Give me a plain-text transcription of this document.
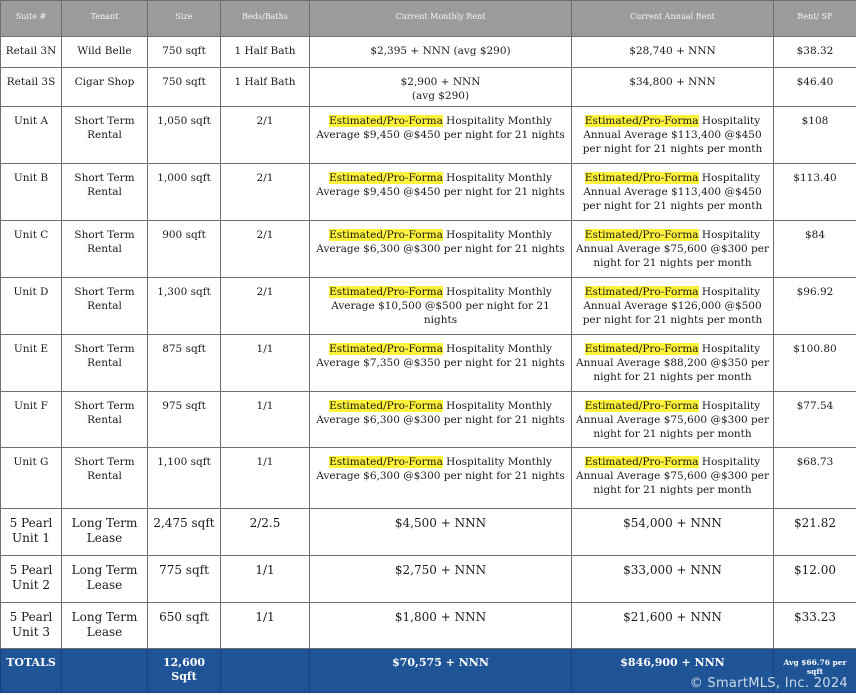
Suite #	Tenant	Size	Beds/Baths	Current Monthly Rent	Current Annual Rent	Rent/ SF
Retail 3N	Wild Belle	750 sqft	1 Half Bath	$2,395 + NNN (avg $290)	$28,740 + NNN	$38.32
Retail 3S	Cigar Shop	750 sqft	1 Half Bath	$2,900 + NNN (avg $290)	$34,800 + NNN	$46.40
Unit A	Short Term Rental	1,050 sqft	2/1	Estimated/Pro-Forma Hospitality Monthly Average $9,450 @$450 per night for 21 nights	Estimated/Pro-Forma Hospitality Annual Average $113,400 @$450 per night for 21 nights per month	$108
Unit B	Short Term Rental	1,000 sqft	2/1	Estimated/Pro-Forma Hospitality Monthly Average $9,450 @$450 per night for 21 nights	Estimated/Pro-Forma Hospitality Annual Average $113,400 @$450 per night for 21 nights per month	$113.40
Unit C	Short Term Rental	900 sqft	2/1	Estimated/Pro-Forma Hospitality Monthly Average $6,300 @$300 per night for 21 nights	Estimated/Pro-Forma Hospitality Annual Average $75,600 @$300 per night for 21 nights per month	$84
Unit D	Short Term Rental	1,300 sqft	2/1	Estimated/Pro-Forma Hospitality Monthly Average $10,500 @$500 per night for 21 nights	Estimated/Pro-Forma Hospitality Annual Average $126,000 @$500 per night for 21 nights per month	$96.92
Unit E	Short Term Rental	875 sqft	1/1	Estimated/Pro-Forma Hospitality Monthly Average $7,350 @$350 per night for 21 nights	Estimated/Pro-Forma Hospitality Annual Average $88,200 @$350 per night for 21 nights per month	$100.80
Unit F	Short Term Rental	975 sqft	1/1	Estimated/Pro-Forma Hospitality Monthly Average $6,300 @$300 per night for 21 nights	Estimated/Pro-Forma Hospitality Annual Average $75,600 @$300 per night for 21 nights per month	$77.54
Unit G	Short Term Rental	1,100 sqft	1/1	Estimated/Pro-Forma Hospitality Monthly Average $6,300 @$300 per night for 21 nights	Estimated/Pro-Forma Hospitality Annual Average $75,600 @$300 per night for 21 nights per month	$68.73
5 Pearl Unit 1	Long Term Lease	2,475 sqft	2/2.5	$4,500 + NNN	$54,000 + NNN	$21.82
5 Pearl Unit 2	Long Term Lease	775 sqft	1/1	$2,750 + NNN	$33,000 + NNN	$12.00
5 Pearl Unit 3	Long Term Lease	650 sqft	1/1	$1,800 + NNN	$21,600 + NNN	$33.23
TOTALS		12,600 Sqft		$70,575 + NNN	$846,900 + NNN	Avg $66.76 per sqft
© SmartMLS, Inc. 2024
